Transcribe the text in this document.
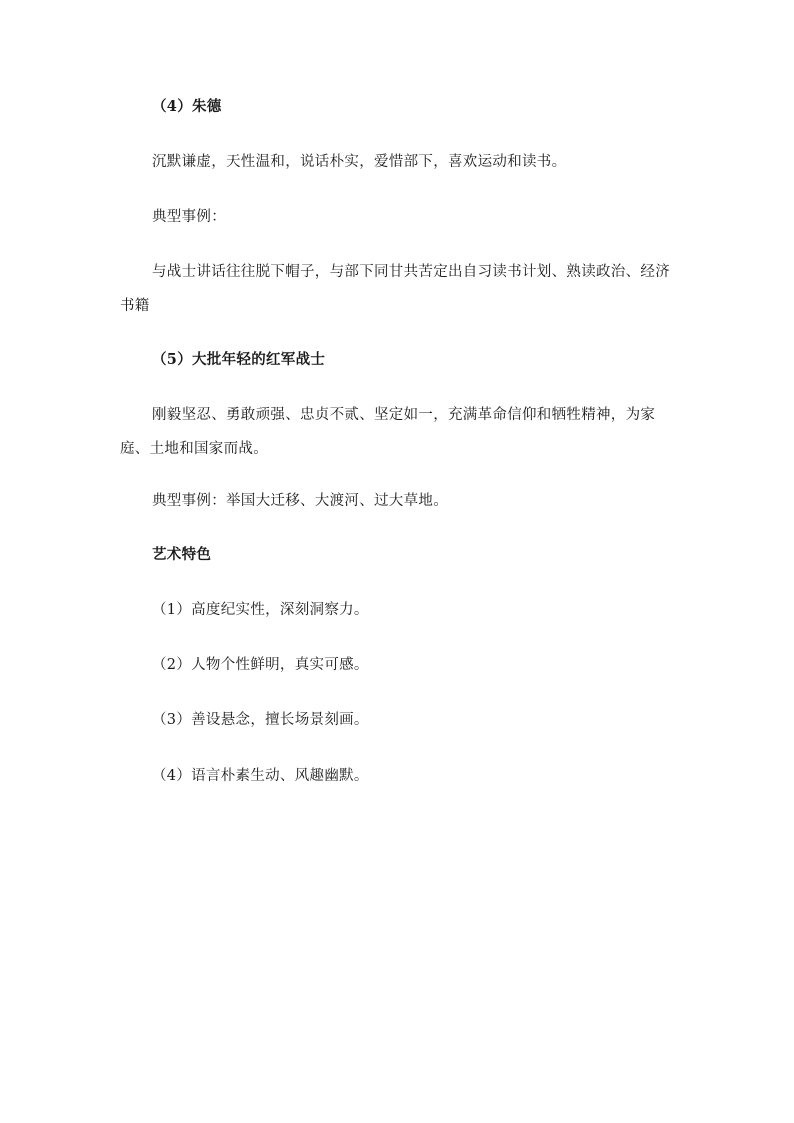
（4）朱德
沉默谦虚，天性温和，说话朴实，爱惜部下，喜欢运动和读书。
典型事例：
与战士讲话往往脱下帽子，与部下同甘共苦定出自习读书计划、熟读政治、经济书籍
（5）大批年轻的红军战士
刚毅坚忍、勇敢顽强、忠贞不贰、坚定如一，充满革命信仰和牺牲精神，为家庭、土地和国家而战。
典型事例：举国大迁移、大渡河、过大草地。
艺术特色
（1）高度纪实性，深刻洞察力。
（2）人物个性鲜明，真实可感。
（3）善设悬念，擅长场景刻画。
（4）语言朴素生动、风趣幽默。
